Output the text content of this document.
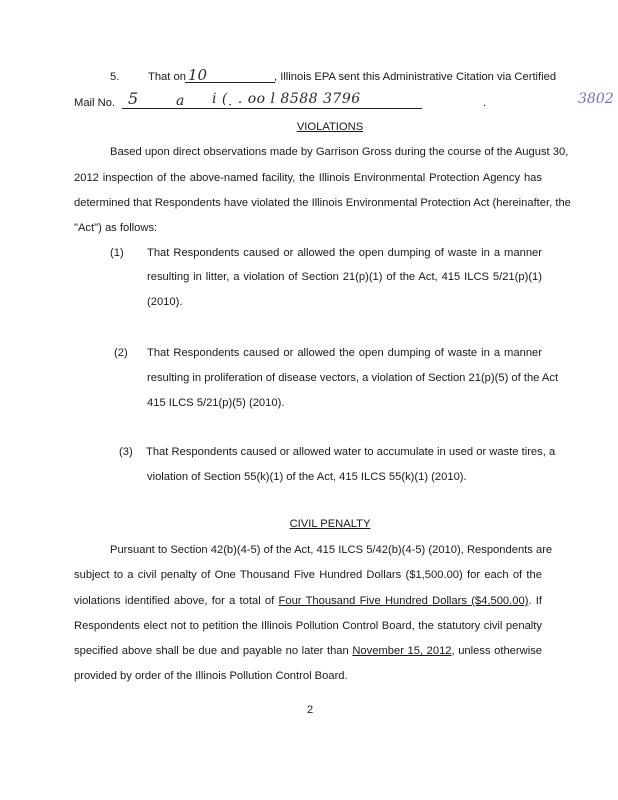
5.	That on 10	, Illinois EPA sent this Administrative Citation via Certified
Mail No. 5	a i ( ̣ . oo l 8588 3796	.	3802
VIOLATIONS
Based upon direct observations made by Garrison Gross during the course of the August 30,
2012 inspection of the above-named facility, the Illinois Environmental Protection Agency has
determined that Respondents have violated the Illinois Environmental Protection Act (hereinafter, the
"Act") as follows:
(1) That Respondents caused or allowed the open dumping of waste in a manner
resulting in litter, a violation of Section 21(p)(1) of the Act, 415 ILCS 5/21(p)(1)
(2010).
(2) That Respondents caused or allowed the open dumping of waste in a manner
resulting in proliferation of disease vectors, a violation of Section 21(p)(5) of the Act
415 ILCS 5/21(p)(5) (2010).
(3) That Respondents caused or allowed water to accumulate in used or waste tires, a
violation of Section 55(k)(1) of the Act, 415 ILCS 55(k)(1) (2010).
CIVIL PENALTY
Pursuant to Section 42(b)(4-5) of the Act, 415 ILCS 5/42(b)(4-5) (2010), Respondents are
subject to a civil penalty of One Thousand Five Hundred Dollars ($1,500.00) for each of the
violations identified above, for a total of Four Thousand Five Hundred Dollars ($4,500.00). If
Respondents elect not to petition the Illinois Pollution Control Board, the statutory civil penalty
specified above shall be due and payable no later than November 15, 2012, unless otherwise
provided by order of the Illinois Pollution Control Board.
2
